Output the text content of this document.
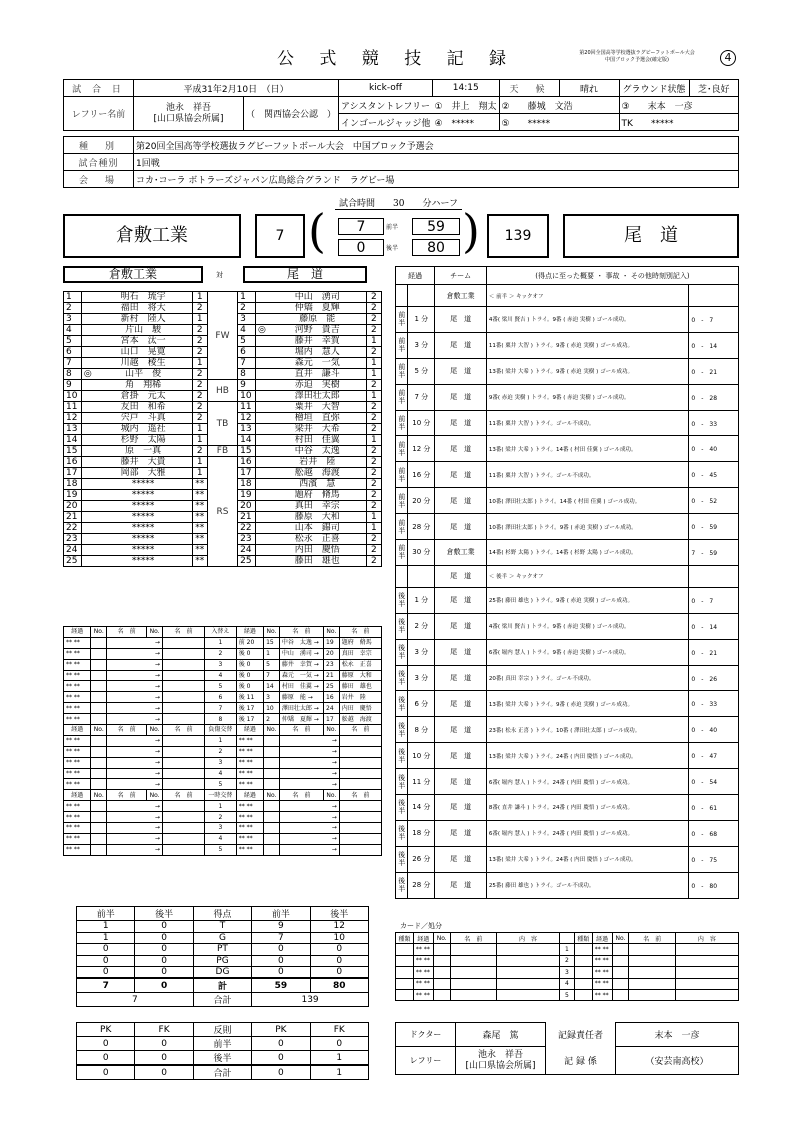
公 式 競 技 記 録	第20回全国高等学校選抜ラグビーフットボール大会
中国ブロック予選会(確定版)	4
試 合 日	平成31年2月10日　（日）		kick-off	14:15	天　候	晴れ	グラウンド状態	芝･良好
レフリー名前	池永　祥吾
[山口県協会所属]	（　関西協会公認　）	アシスタントレフリー	①　 井上　翔太	②　　 藤城　文浩		③　　 末本　一彦	
			インゴールジャッジ他	④　 *****	⑤　　 *****		TK　　 *****	
種　別	第20回全国高等学校選抜ラグビーフットボール大会　中国ブロック予選会
試合種別	1回戦
会　場	コカ･コーラ ボトラーズジャパン広島総合グランド　ラグビー場
試合時間　　30　　分ハーフ
倉敷工業	7 (	7
0
前半
後半
59
80 )	139	尾　道
倉敷工業	対	尾　道
1		明石　琉宇	1	FW	1		中山　湧司	2
2		福田　将大	2		2		仲矯　夏輝	2
3		新村　陸人	1		3		藤原　能	2
4		片山　駿	2		4	◎	河野　貴吉	2
5		宮本　汰一	2		5		藤井　幸賀	1
6		山口　晃寛	2		6		堀内　慧人	2
7		川越　稜生	1		7		森元　一気	1
8	◎	山平　俊	2		8		直井　謙斗	1
9		角　翔稀	2	HB	9		赤迫　実樹	2
10		倉掛　元太	2		10		澤田壮太郎	1
11		友田　和希	2	TB	11		粟井　大智	2
12		宍戸　斗真	2		12		檜垣　直弥	2
13		城内　遥社	1		13		梁井　大希	2
14		杉野　太陽	1		14		村田　佳翼	1
15		原　一真	2	FB	15		中谷　太逸	2
16		藤井　大貴	1	RS	16		岩井　陸	2
17		岡部　大雅	1		17		舩越　海渡	2
18		*****	**		18		西濱　慧	2
19		*****	**		19		題府　脩馬	2
20		*****	**		20		真田　幸宗	2
21		*****	**		21		藤原　大和	1
22		*****	**		22		山本　錦司	1
23		*****	**		23		松永　正喜	2
24		*****	**		24		内田　慶悟	2
25		*****	**		25		藤田　雄也	2
経過	No.	名　前	No.	名　前	入替え	経過	No.	名　前	No.	名　前
** **		→			1	前 20	15	中谷　太逸 →	19	題府　脩馬
** **		→			2	後 0	1	中山　湧司 →	20	真田　幸宗
** **		→			3	後 0	5	藤井　幸賀 →	23	松永　正喜
** **		→			4	後 0	7	森元　一気 →	21	藤原　大和
** **		→			5	後 0	14	村田　佳翼 →	25	藤田　雄也
** **		→			6	後 11	3	藤原　能 →	16	岩井　陸
** **		→			7	後 17	10	澤田壮太郎 →	24	内田　慶悟
** **		→			8	後 17	2	仲矯　夏輝 →	17	舩越　海渡
経過	No.	名　前	No.	名　前	負傷交替	経過	No.	名　前	No.	名　前
** **		→			1	** **		→		
** **		→			2	** **		→		
** **		→			3	** **		→		
** **		→			4	** **		→		
** **		→			5	** **		→		
経過	No.	名　前	No.	名　前	一時交替	経過	No.	名　前	No.	名　前
** **		→			1	** **		→		
** **		→			2	** **		→		
** **		→			3	** **		→		
** **		→			4	** **		→		
** **		→			5	** **		→		
経過		チーム	(得点に至った概要 ・ 事故 ・ その他時刻別記入)	
		倉敷工業	＜ 前半 ＞ キックオフ	
前半	1 分	尾　道	4番( 梁川 賢吉 ) トライ。9番 ( 赤迫 実樹 ) ゴール成功。	0　-　7
前半	3 分	尾　道	11番( 粟井 大智 ) トライ。9番 ( 赤迫 実樹 ) ゴール成功。	0　-　14
前半	5 分	尾　道	13番( 梁井 大希 ) トライ。9番 ( 赤迫 実樹 ) ゴール成功。	0　-　21
前半	7 分	尾　道	9番( 赤迫 実樹 ) トライ。9番 ( 赤迫 実樹 ) ゴール成功。	0　-　28
前半	10 分	尾　道	11番( 粟井 大智 ) トライ。ゴール不成功。	0　-　33
前半	12 分	尾　道	13番( 梁井 大希 ) トライ。14番 ( 村田 佳翼 ) ゴール成功。	0　-　40
前半	16 分	尾　道	11番( 粟井 大智 ) トライ。ゴール不成功。	0　-　45
前半	20 分	尾　道	10番( 澤田壮太郎 ) トライ。14番 ( 村田 佳翼 ) ゴール成功。	0　-　52
前半	28 分	尾　道	10番( 澤田壮太郎 ) トライ。9番 ( 赤迫 実樹 ) ゴール成功。	0　-　59
前半	30 分	倉敷工業	14番( 杉野 太陽 ) トライ。14番 ( 杉野 太陽 ) ゴール成功。	7　-　59
		尾　道	＜ 後半 ＞ キックオフ	
後半	1 分	尾　道	25番( 藤田 雄也 ) トライ。9番 ( 赤迫 実樹 ) ゴール成功。	0　-　7
後半	2 分	尾　道	4番( 梁川 賢吉 ) トライ。9番 ( 赤迫 実樹 ) ゴール成功。	0　-　14
後半	3 分	尾　道	6番( 堀内 慧人 ) トライ。9番 ( 赤迫 実樹 ) ゴール成功。	0　-　21
後半	3 分	尾　道	20番( 真田 幸宗 ) トライ。ゴール不成功。	0　-　26
後半	6 分	尾　道	13番( 梁井 大希 ) トライ。9番 ( 赤迫 実樹 ) ゴール成功。	0　-　33
後半	8 分	尾　道	23番( 松永 正喜 ) トライ。10番 ( 澤田壮太郎 ) ゴール成功。	0　-　40
後半	10 分	尾　道	13番( 梁井 大希 ) トライ。24番 ( 内田 慶悟 ) ゴール成功。	0　-　47
後半	11 分	尾　道	6番( 堀内 慧人 ) トライ。24番 ( 内田 慶悟 ) ゴール成功。	0　-　54
後半	14 分	尾　道	8番( 直井 謙斗 ) トライ。24番 ( 内田 慶悟 ) ゴール成功。	0　-　61
後半	18 分	尾　道	6番( 堀内 慧人 ) トライ。24番 ( 内田 慶悟 ) ゴール成功。	0　-　68
後半	26 分	尾　道	13番( 梁井 大希 ) トライ。24番 ( 内田 慶悟 ) ゴール成功。	0　-　75
後半	28 分	尾　道	25番( 藤田 雄也 ) トライ。ゴール不成功。	0　-　80
前半	後半	得点	前半	後半
1	0	T	9	12
1	0	G	7	10
0	0	PT	0	0
0	0	PG	0	0
0	0	DG	0	0
7	0	計	59	80
7		合計	139	
PK	FK	反則	PK	FK
0	0	前半	0	0
0	0	後半	0	1
0	0	合計	0	1
カード／処分
種類	経過	No.	名　前	内　容		種類	経過	No.	名　前	内　容
	** **				1		** **			
	** **				2		** **			
	** **				3		** **			
	** **				4		** **			
	** **				5		** **			
ドクター	森尾　篤	記録責任者	末本　一彦
レフリー	池永　祥吾
[山口県協会所属]	記 録 係	（安芸南高校）
